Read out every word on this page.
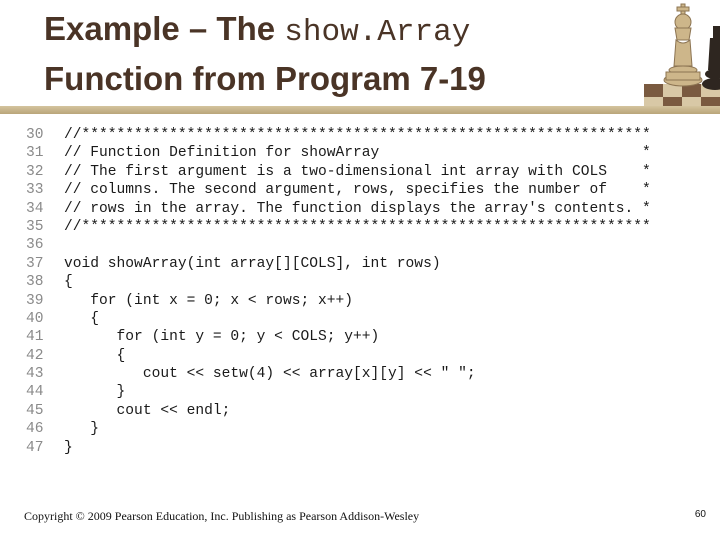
Example – The show.Array
Function from Program 7-19
30 //*****************************************************************
31 // Function Definition for showArray                              *
32 // The first argument is a two-dimensional int array with COLS    *
33 // columns. The second argument, rows, specifies the number of    *
34 // rows in the array. The function displays the array's contents. *
35 //*****************************************************************
36
37 void showArray(int array[][COLS], int rows)
38 {
39   for (int x = 0; x < rows; x++)
40   {
41      for (int y = 0; y < COLS; y++)
42      {
43         cout << setw(4) << array[x][y] << " ";
44      }
45      cout << endl;
46   }
47 }
Copyright © 2009 Pearson Education, Inc. Publishing as Pearson Addison-Wesley	60
